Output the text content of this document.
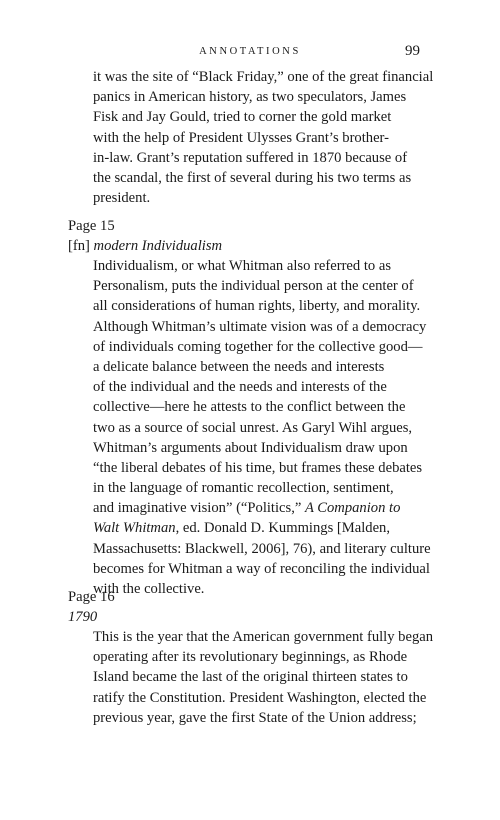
ANNOTATIONS	99
it was the site of “Black Friday,” one of the great financial
panics in American history, as two speculators, James
Fisk and Jay Gould, tried to corner the gold market
with the help of President Ulysses Grant’s brother-
in-law. Grant’s reputation suffered in 1870 because of
the scandal, the first of several during his two terms as
president.
Page 15
[fn] modern Individualism
Individualism, or what Whitman also referred to as
Personalism, puts the individual person at the center of
all considerations of human rights, liberty, and morality.
Although Whitman’s ultimate vision was of a democracy
of individuals coming together for the collective good—
a delicate balance between the needs and interests
of the individual and the needs and interests of the
collective—here he attests to the conflict between the
two as a source of social unrest. As Garyl Wihl argues,
Whitman’s arguments about Individualism draw upon
“the liberal debates of his time, but frames these debates
in the language of romantic recollection, sentiment,
and imaginative vision” (“Politics,” A Companion to
Walt Whitman, ed. Donald D. Kummings [Malden,
Massachusetts: Blackwell, 2006], 76), and literary culture
becomes for Whitman a way of reconciling the individual
with the collective.
Page 16
1790
This is the year that the American government fully began
operating after its revolutionary beginnings, as Rhode
Island became the last of the original thirteen states to
ratify the Constitution. President Washington, elected the
previous year, gave the first State of the Union address;
